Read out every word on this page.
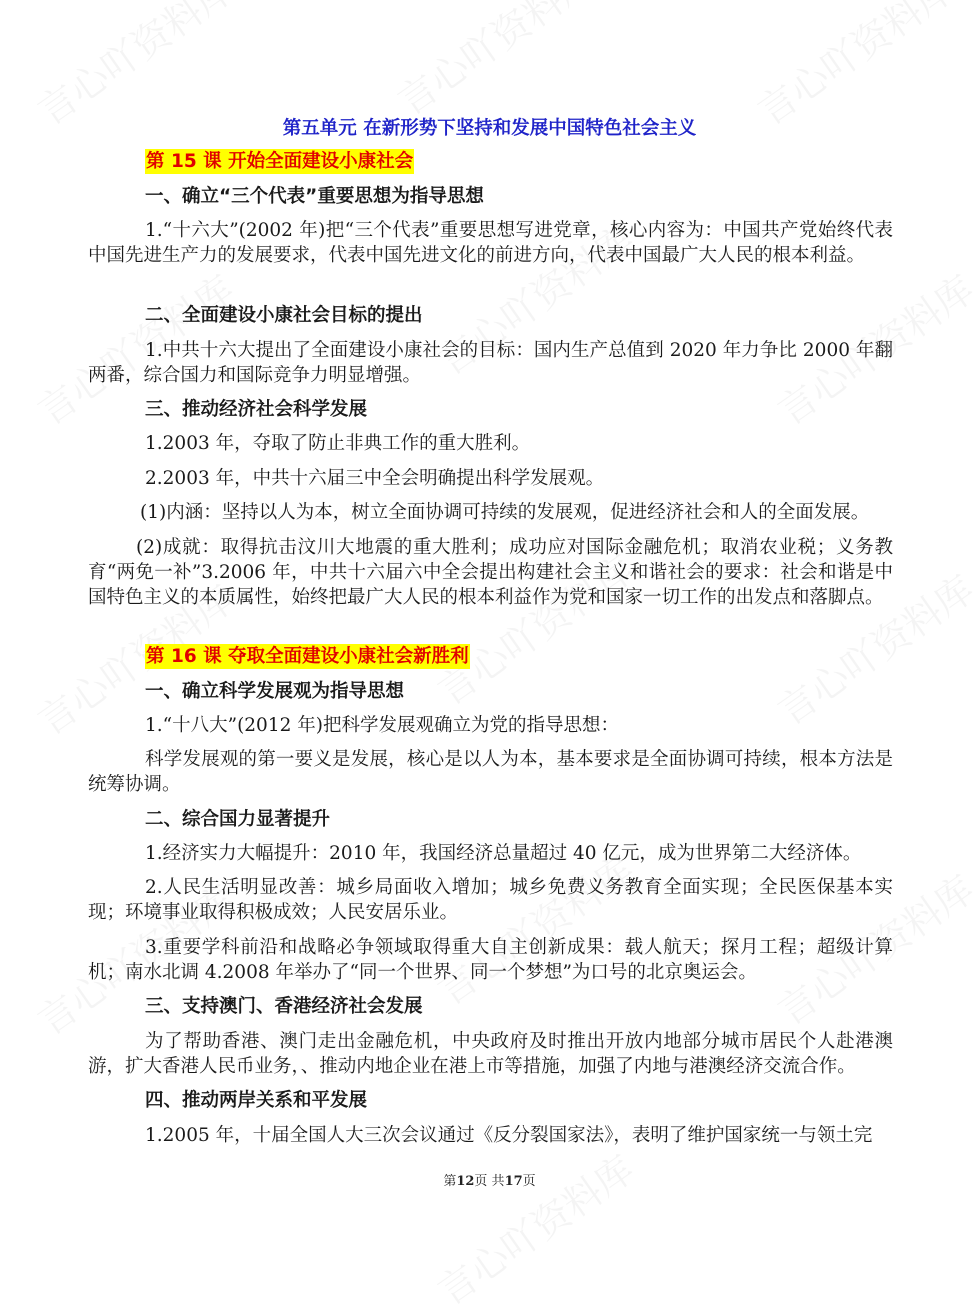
第五单元 在新形势下坚持和发展中国特色社会主义
第 15 课 开始全面建设小康社会
一、确立“三个代表”重要思想为指导思想
1.“十六大”(2002 年)把“三个代表”重要思想写进党章，核心内容为：中国共产党始终代表中国先进生产力的发展要求，代表中国先进文化的前进方向，代表中国最广大人民的根本利益。
二、全面建设小康社会目标的提出
1.中共十六大提出了全面建设小康社会的目标：国内生产总值到 2020 年力争比 2000 年翻两番，综合国力和国际竞争力明显增强。
三、推动经济社会科学发展
1.2003 年，夺取了防止非典工作的重大胜利。
2.2003 年，中共十六届三中全会明确提出科学发展观。
(1)内涵：坚持以人为本，树立全面协调可持续的发展观，促进经济社会和人的全面发展。
(2)成就：取得抗击汶川大地震的重大胜利；成功应对国际金融危机；取消农业税；义务教育“两免一补”3.2006 年，中共十六届六中全会提出构建社会主义和谐社会的要求：社会和谐是中国特色主义的本质属性，始终把最广大人民的根本利益作为党和国家一切工作的出发点和落脚点。
第 16 课 夺取全面建设小康社会新胜利
一、确立科学发展观为指导思想
1.“十八大”(2012 年)把科学发展观确立为党的指导思想：
科学发展观的第一要义是发展，核心是以人为本，基本要求是全面协调可持续，根本方法是统筹协调。
二、综合国力显著提升
1.经济实力大幅提升：2010 年，我国经济总量超过 40 亿元，成为世界第二大经济体。
2.人民生活明显改善：城乡局面收入增加；城乡免费义务教育全面实现；全民医保基本实现；环境事业取得积极成效；人民安居乐业。
3.重要学科前沿和战略必争领域取得重大自主创新成果：载人航天；探月工程；超级计算机；南水北调 4.2008 年举办了“同一个世界、同一个梦想”为口号的北京奥运会。
三、支持澳门、香港经济社会发展
为了帮助香港、澳门走出金融危机，中央政府及时推出开放内地部分城市居民个人赴港澳游，扩大香港人民币业务，、推动内地企业在港上市等措施，加强了内地与港澳经济交流合作。
四、推动两岸关系和平发展
1.2005 年，十届全国人大三次会议通过《反分裂国家法》，表明了维护国家统一与领土完
第12页 共17页
